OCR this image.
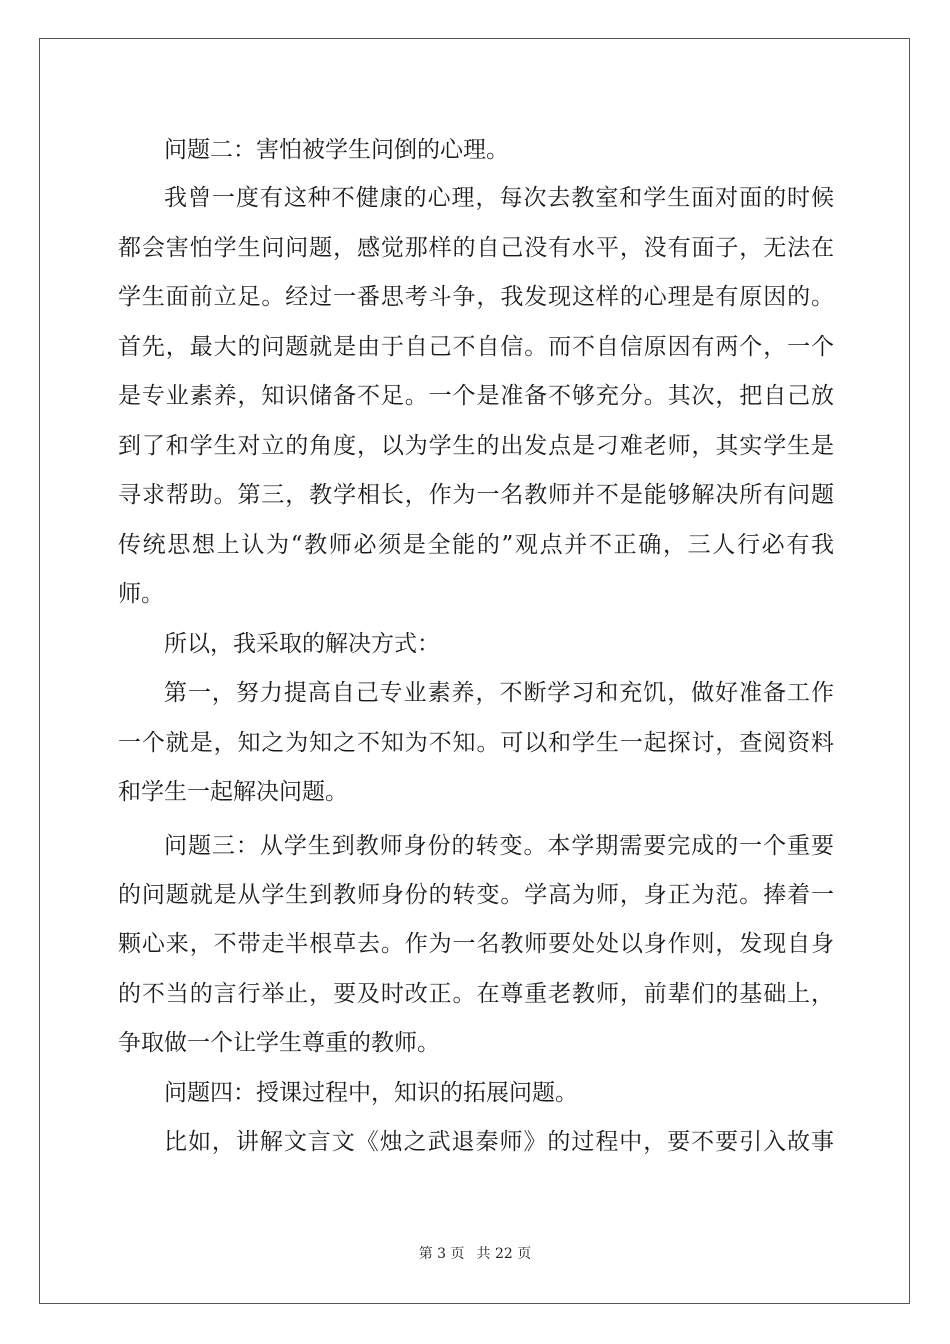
问题二：害怕被学生问倒的心理。
我曾一度有这种不健康的心理，每次去教室和学生面对面的时候
都会害怕学生问问题，感觉那样的自己没有水平，没有面子，无法在
学生面前立足。经过一番思考斗争，我发现这样的心理是有原因的。
首先，最大的问题就是由于自己不自信。而不自信原因有两个，一个
是专业素养，知识储备不足。一个是准备不够充分。其次，把自己放
到了和学生对立的角度，以为学生的出发点是刁难老师，其实学生是
寻求帮助。第三，教学相长，作为一名教师并不是能够解决所有问题
传统思想上认为“教师必须是全能的”观点并不正确，三人行必有我
师。
所以，我采取的解决方式：
第一，努力提高自己专业素养，不断学习和充饥，做好准备工作
一个就是，知之为知之不知为不知。可以和学生一起探讨，查阅资料
和学生一起解决问题。
问题三：从学生到教师身份的转变。本学期需要完成的一个重要
的问题就是从学生到教师身份的转变。学高为师，身正为范。捧着一
颗心来，不带走半根草去。作为一名教师要处处以身作则，发现自身
的不当的言行举止，要及时改正。在尊重老教师，前辈们的基础上，
争取做一个让学生尊重的教师。
问题四：授课过程中，知识的拓展问题。
比如，讲解文言文《烛之武退秦师》的过程中，要不要引入故事
第 3 页 共 22 页
